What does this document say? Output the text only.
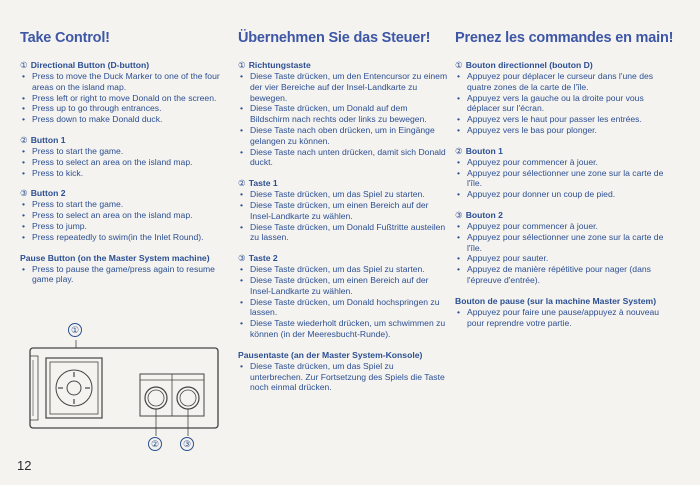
Take Control!
① Directional Button (D-button)
• Press to move the Duck Marker to one of the four areas on the island map.
• Press left or right to move Donald on the screen.
• Press up to go through entrances.
• Press down to make Donald duck.
② Button 1
• Press to start the game.
• Press to select an area on the island map.
• Press to kick.
③ Button 2
• Press to start the game.
• Press to select an area on the island map.
• Press to jump.
• Press repeatedly to swim(in the Inlet Round).
Pause Button (on the Master System machine)
• Press to pause the game/press again to resume game play.
Übernehmen Sie das Steuer!
① Richtungstaste
• Diese Taste drücken, um den Entencursor zu einem der vier Bereiche auf der Insel-Landkarte zu bewegen.
• Diese Taste drücken, um Donald auf dem Bildschirm nach rechts oder links zu bewegen.
• Diese Taste nach oben drücken, um in Eingänge gelangen zu können.
• Diese Taste nach unten drücken, damit sich Donald duckt.
② Taste 1
• Diese Taste drücken, um das Spiel zu starten.
• Diese Taste drücken, um einen Bereich auf der Insel-Landkarte zu wählen.
• Diese Taste drücken, um Donald Fußtritte austeilen zu lassen.
③ Taste 2
• Diese Taste drücken, um das Spiel zu starten.
• Diese Taste drücken, um einen Bereich auf der Insel-Landkarte zu wählen.
• Diese Taste drücken, um Donald hochspringen zu lassen.
• Diese Taste wiederholt drücken, um schwimmen zu können (in der Meeresbucht-Runde).
Pausentaste (an der Master System-Konsole)
• Diese Taste drücken, um das Spiel zu unterbrechen. Zur Fortsetzung des Spiels die Taste noch einmal drücken.
Prenez les commandes en main!
① Bouton directionnel (bouton D)
• Appuyez pour déplacer le curseur dans l'une des quatre zones de la carte de l'île.
• Appuyez vers la gauche ou la droite pour vous déplacer sur l'écran.
• Appuyez vers le haut pour passer les entrées.
• Appuyez vers le bas pour plonger.
② Bouton 1
• Appuyez pour commencer à jouer.
• Appuyez pour sélectionner une zone sur la carte de l'île.
• Appuyez pour donner un coup de pied.
③ Bouton 2
• Appuyez pour commencer à jouer.
• Appuyez pour sélectionner une zone sur la carte de l'île.
• Appuyez pour sauter.
• Appuyez de manière répétitive pour nager (dans l'épreuve d'entrée).
Bouton de pause (sur la machine Master System)
• Appuyez pour faire une pause/appuyez à nouveau pour reprendre votre partie.
①
②	③
12
